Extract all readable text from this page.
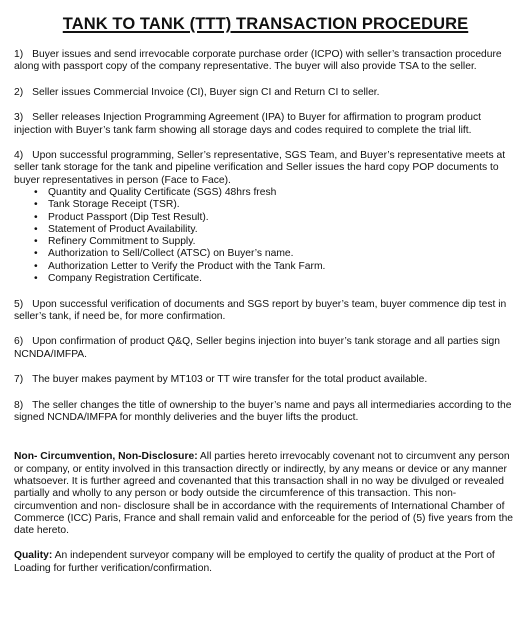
TANK TO TANK (TTT) TRANSACTION PROCEDURE
1) Buyer issues and send irrevocable corporate purchase order (ICPO) with seller’s transaction procedure along with passport copy of the company representative. The buyer will also provide TSA to the seller.
2) Seller issues Commercial Invoice (CI), Buyer sign CI and Return CI to seller.
3) Seller releases Injection Programming Agreement (IPA) to Buyer for affirmation to program product injection with Buyer’s tank farm showing all storage days and codes required to complete the trial lift.
4) Upon successful programming, Seller’s representative, SGS Team, and Buyer’s representative meets at seller tank storage for the tank and pipeline verification and Seller issues the hard copy POP documents to buyer representatives in person (Face to Face).
• Quantity and Quality Certificate (SGS) 48hrs fresh
• Tank Storage Receipt (TSR).
• Product Passport (Dip Test Result).
• Statement of Product Availability.
• Refinery Commitment to Supply.
• Authorization to Sell/Collect (ATSC) on Buyer’s name.
• Authorization Letter to Verify the Product with the Tank Farm.
• Company Registration Certificate.
5) Upon successful verification of documents and SGS report by buyer’s team, buyer commence dip test in seller’s tank, if need be, for more confirmation.
6) Upon confirmation of product Q&Q, Seller begins injection into buyer’s tank storage and all parties sign NCNDA/IMFPA.
7) The buyer makes payment by MT103 or TT wire transfer for the total product available.
8) The seller changes the title of ownership to the buyer’s name and pays all intermediaries according to the signed NCNDA/IMFPA for monthly deliveries and the buyer lifts the product.
Non- Circumvention, Non-Disclosure: All parties hereto irrevocably covenant not to circumvent any person or company, or entity involved in this transaction directly or indirectly, by any means or device or any manner whatsoever. It is further agreed and covenanted that this transaction shall in no way be divulged or revealed partially and wholly to any person or body outside the circumference of this transaction. This non- circumvention and non- disclosure shall be in accordance with the requirements of International Chamber of Commerce (ICC) Paris, France and shall remain valid and enforceable for the period of (5) five years from the date hereto.
Quality: An independent surveyor company will be employed to certify the quality of product at the Port of Loading for further verification/confirmation.
